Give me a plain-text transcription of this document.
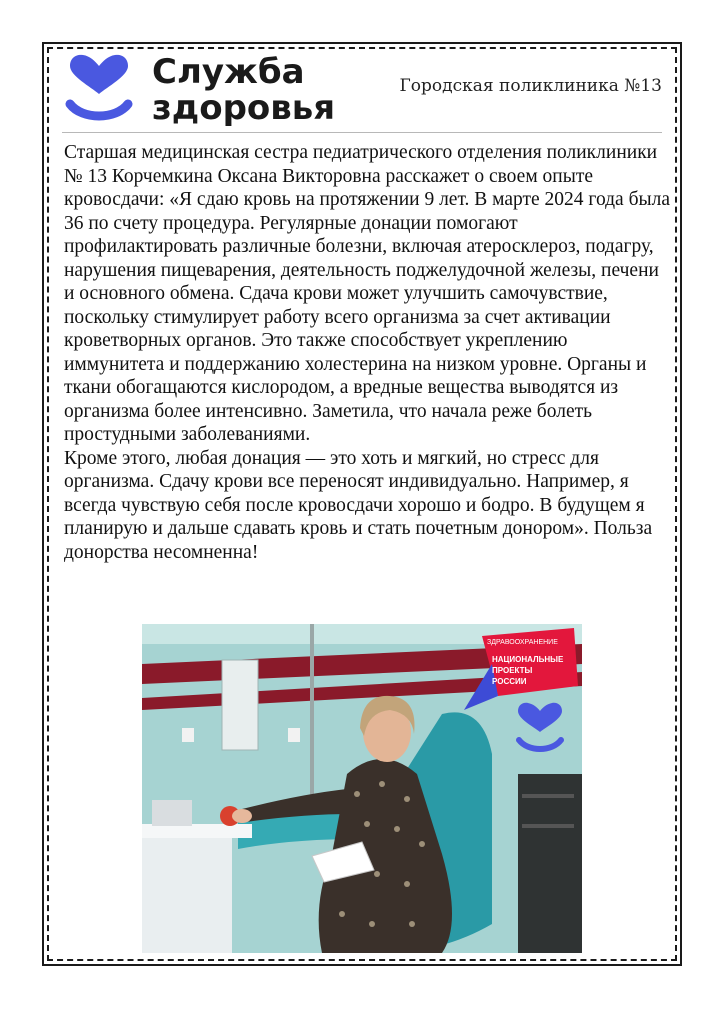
Служба
здоровья
Городская поликлиника №13

Старшая медицинская сестра педиатрического отделения поликлиники № 13 Корчемкина Оксана Викторовна расскажет о своем опыте кровосдачи: «Я сдаю кровь на протяжении 9 лет. В марте 2024 года была 36 по счету процедура. Регулярные донации помогают профилактировать различные болезни, включая атеросклероз, подагру, нарушения пищеварения, деятельность поджелудочной железы, печени и основного обмена. Сдача крови может улучшить самочувствие, поскольку стимулирует работу всего организма за счет активации кроветворных органов. Это также способствует укреплению иммунитета и поддержанию холестерина на низком уровне. Органы и ткани обогащаются кислородом, а вредные вещества выводятся из организма более интенсивно. Заметила, что начала реже болеть простудными заболеваниями.

Кроме этого, любая донация — это хоть и мягкий, но стресс для организма. Сдачу крови все переносят индивидуально. Например, я всегда чувствую себя после кровосдачи хорошо и бодро. В будущем я планирую и дальше сдавать кровь и стать почетным донором». Польза донорства несомненна!

ЗДРАВООХРАНЕНИЕ
НАЦИОНАЛЬНЫЕ
ПРОЕКТЫ
РОССИИ
